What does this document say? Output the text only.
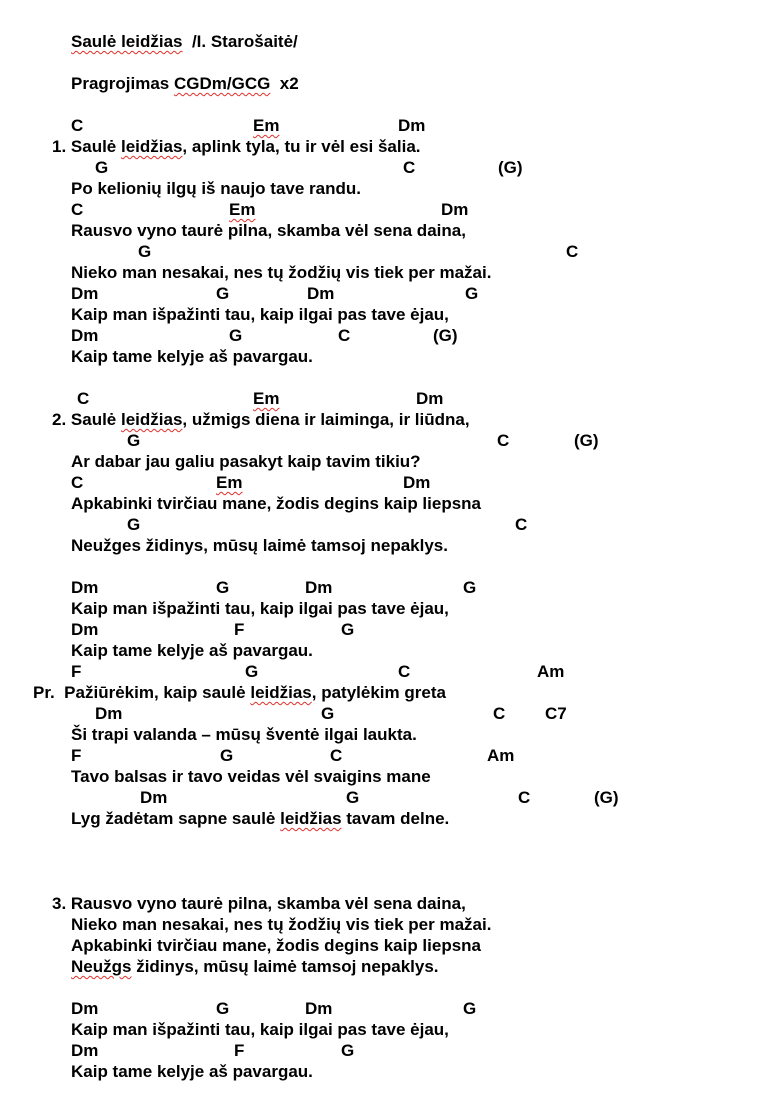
Saulė leidžias /I. Starošaitė/
Pragrojimas CGDm/GCG x2
C	Em	Dm
1. Saulė leidžias, aplink tyla, tu ir vėl esi šalia.
G	C	(G)
Po kelionių ilgų iš naujo tave randu.
C	Em	Dm
Rausvo vyno taurė pilna, skamba vėl sena daina,
G	C
Nieko man nesakai, nes tų žodžių vis tiek per mažai.
Dm	G	Dm	G
Kaip man išpažinti tau, kaip ilgai pas tave ėjau,
Dm	G	C	(G)
Kaip tame kelyje aš pavargau.
C	Em	Dm
2. Saulė leidžias, užmigs diena ir laiminga, ir liūdna,
G	C	(G)
Ar dabar jau galiu pasakyt kaip tavim tikiu?
C	Em	Dm
Apkabinki tvirčiau mane, žodis degins kaip liepsna
G	C
Neužges židinys, mūsų laimė tamsoj nepaklys.
Dm	G	Dm	G
Kaip man išpažinti tau, kaip ilgai pas tave ėjau,
Dm	F	G
Kaip tame kelyje aš pavargau.
F	G	C	Am
Pr.  Pažiūrėkim, kaip saulė leidžias, patylėkim greta
Dm	G	C C7
Ši trapi valanda – mūsų šventė ilgai laukta.
F	G	C	Am
Tavo balsas ir tavo veidas vėl svaigins mane
Dm	G	C	(G)
Lyg žadėtam sapne saulė leidžias tavam delne.
3. Rausvo vyno taurė pilna, skamba vėl sena daina,
Nieko man nesakai, nes tų žodžių vis tiek per mažai.
Apkabinki tvirčiau mane, žodis degins kaip liepsna
Neužgs židinys, mūsų laimė tamsoj nepaklys.
Dm	G	Dm	G
Kaip man išpažinti tau, kaip ilgai pas tave ėjau,
Dm	F	G
Kaip tame kelyje aš pavargau.
